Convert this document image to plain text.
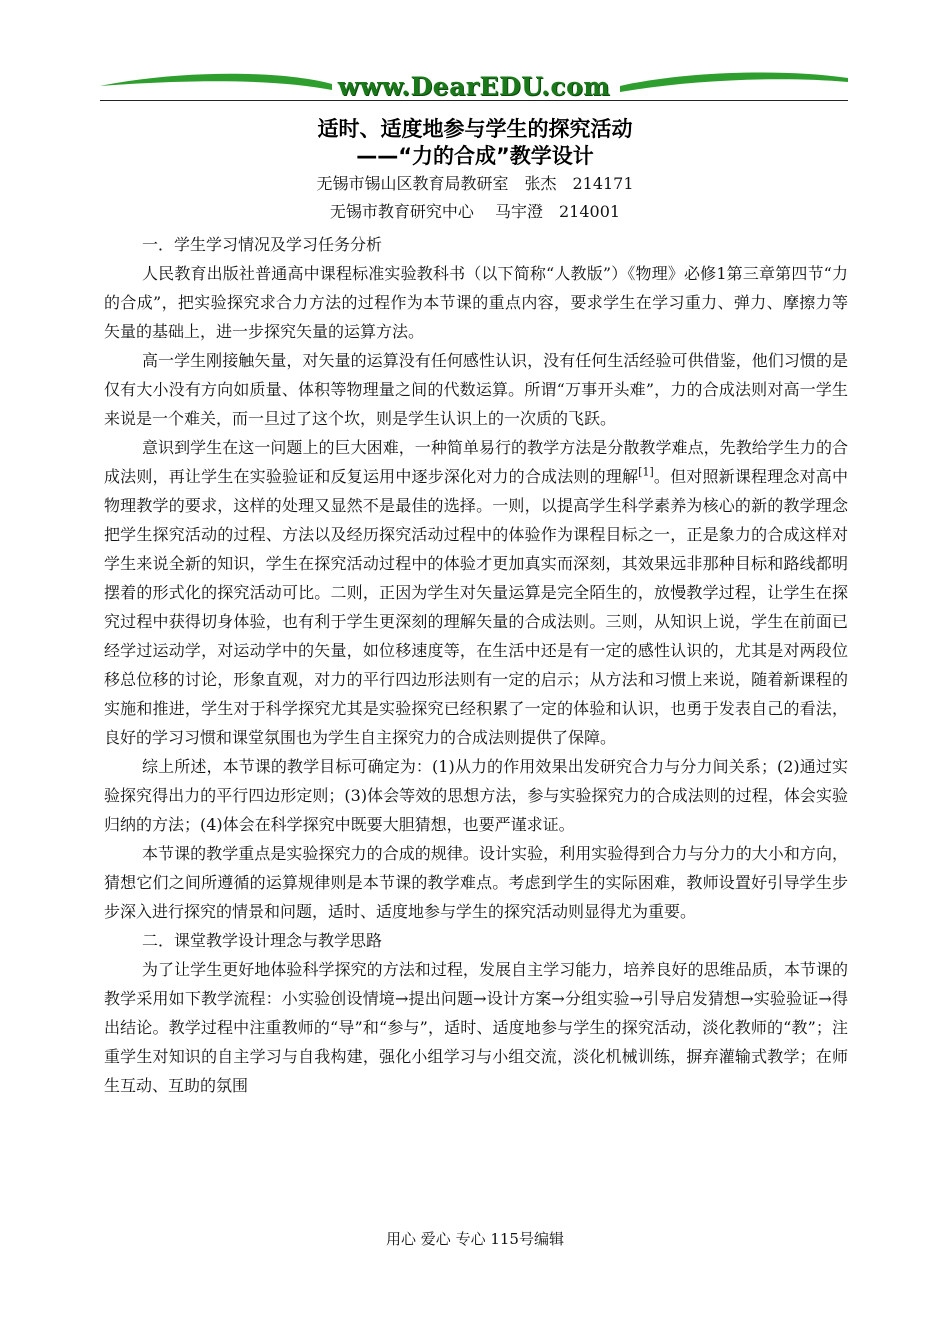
www.DearEDU.com
适时、适度地参与学生的探究活动
——“力的合成”教学设计
无锡市锡山区教育局教研室　张杰　214171
无锡市教育研究中心　 马宇澄　214001

一．学生学习情况及学习任务分析

人民教育出版社普通高中课程标准实验教科书（以下简称“人教版”）《物理》必修1第三章第四节“力的合成”，把实验探究求合力方法的过程作为本节课的重点内容，要求学生在学习重力、弹力、摩擦力等矢量的基础上，进一步探究矢量的运算方法。

高一学生刚接触矢量，对矢量的运算没有任何感性认识，没有任何生活经验可供借鉴，他们习惯的是仅有大小没有方向如质量、体积等物理量之间的代数运算。所谓“万事开头难”，力的合成法则对高一学生来说是一个难关，而一旦过了这个坎，则是学生认识上的一次质的飞跃。

意识到学生在这一问题上的巨大困难，一种简单易行的教学方法是分散教学难点，先教给学生力的合成法则，再让学生在实验验证和反复运用中逐步深化对力的合成法则的理解[1]。但对照新课程理念对高中物理教学的要求，这样的处理又显然不是最佳的选择。一则，以提高学生科学素养为核心的新的教学理念把学生探究活动的过程、方法以及经历探究活动过程中的体验作为课程目标之一，正是象力的合成这样对学生来说全新的知识，学生在探究活动过程中的体验才更加真实而深刻，其效果远非那种目标和路线都明摆着的形式化的探究活动可比。二则，正因为学生对矢量运算是完全陌生的，放慢教学过程，让学生在探究过程中获得切身体验，也有利于学生更深刻的理解矢量的合成法则。三则，从知识上说，学生在前面已经学过运动学，对运动学中的矢量，如位移速度等，在生活中还是有一定的感性认识的，尤其是对两段位移总位移的讨论，形象直观，对力的平行四边形法则有一定的启示；从方法和习惯上来说，随着新课程的实施和推进，学生对于科学探究尤其是实验探究已经积累了一定的体验和认识，也勇于发表自己的看法，良好的学习习惯和课堂氛围也为学生自主探究力的合成法则提供了保障。

综上所述，本节课的教学目标可确定为：(1)从力的作用效果出发研究合力与分力间关系；(2)通过实验探究得出力的平行四边形定则；(3)体会等效的思想方法，参与实验探究力的合成法则的过程，体会实验归纳的方法；(4)体会在科学探究中既要大胆猜想，也要严谨求证。

本节课的教学重点是实验探究力的合成的规律。设计实验，利用实验得到合力与分力的大小和方向，猜想它们之间所遵循的运算规律则是本节课的教学难点。考虑到学生的实际困难，教师设置好引导学生步步深入进行探究的情景和问题，适时、适度地参与学生的探究活动则显得尤为重要。

二．课堂教学设计理念与教学思路

为了让学生更好地体验科学探究的方法和过程，发展自主学习能力，培养良好的思维品质，本节课的教学采用如下教学流程：小实验创设情境→提出问题→设计方案→分组实验→引导启发猜想→实验验证→得出结论。教学过程中注重教师的“导”和“参与”，适时、适度地参与学生的探究活动，淡化教师的“教”；注重学生对知识的自主学习与自我构建，强化小组学习与小组交流，淡化机械训练，摒弃灌输式教学；在师生互动、互助的氛围

用心 爱心 专心 115号编辑
